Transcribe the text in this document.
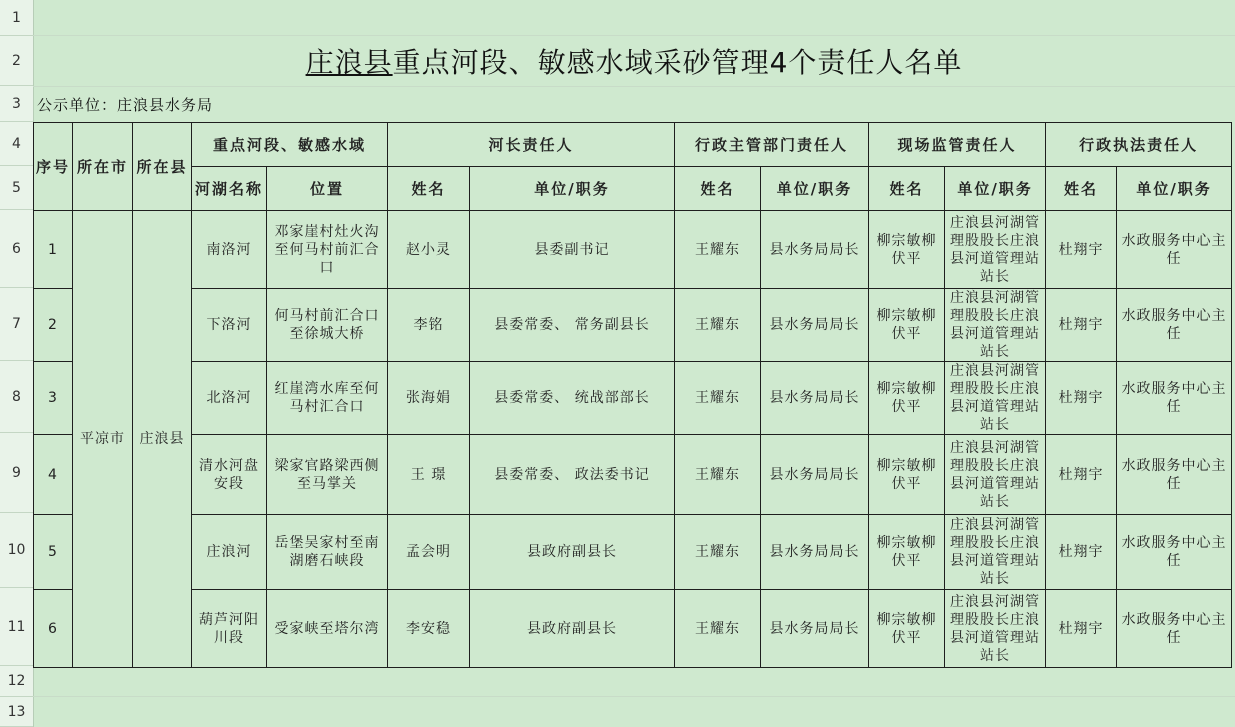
1
2
3
4
5
6
7
8
9
10
11
12
13
庄浪县 重点河段、敏感水域采砂管理4个责任人名单
公示单位：庄浪县水务局
序号	所在市	所在县	重点河段、敏感水域		河长责任人		行政主管部门责任人		现场监管责任人		行政执法责任人	
			河湖名称	位置	姓名	单位/职务	姓名	单位/职务	姓名	单位/职务	姓名	单位/职务
1	平凉市	庄浪县	南洛河	邓家崖村灶火沟至何马村前汇合口	赵小灵	县委副书记	王耀东	县水务局局长	柳宗敏柳伏平	庄浪县河湖管理股股长庄浪县河道管理站站长	杜翔宇	水政服务中心主任
2			下洛河	何马村前汇合口至徐城大桥	李铭	县委常委、 常务副县长	王耀东	县水务局局长	柳宗敏柳伏平	庄浪县河湖管理股股长庄浪县河道管理站站长	杜翔宇	水政服务中心主任
3			北洛河	红崖湾水库至何马村汇合口	张海娟	县委常委、 统战部部长	王耀东	县水务局局长	柳宗敏柳伏平	庄浪县河湖管理股股长庄浪县河道管理站站长	杜翔宇	水政服务中心主任
4			清水河盘安段	梁家官路梁西侧至马掌关	王 璟	县委常委、 政法委书记	王耀东	县水务局局长	柳宗敏柳伏平	庄浪县河湖管理股股长庄浪县河道管理站站长	杜翔宇	水政服务中心主任
5			庄浪河	岳堡吴家村至南湖磨石峡段	孟会明	县政府副县长	王耀东	县水务局局长	柳宗敏柳伏平	庄浪县河湖管理股股长庄浪县河道管理站站长	杜翔宇	水政服务中心主任
6			葫芦河阳川段	受家峡至塔尔湾	李安稳	县政府副县长	王耀东	县水务局局长	柳宗敏柳伏平	庄浪县河湖管理股股长庄浪县河道管理站站长	杜翔宇	水政服务中心主任
